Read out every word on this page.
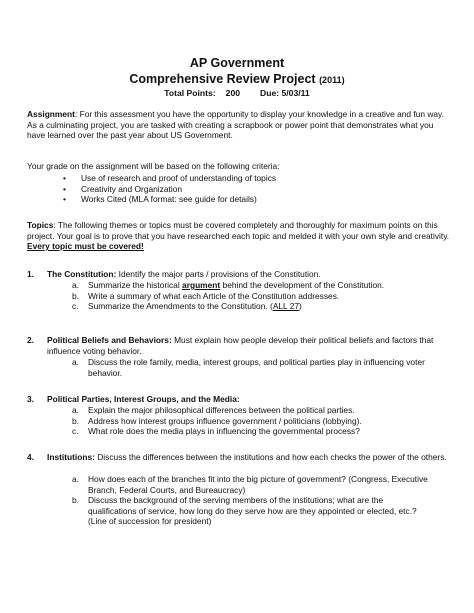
AP Government
Comprehensive Review Project (2011)
Total Points: 200 Due: 5/03/11

Assignment: For this assessment you have the opportunity to display your knowledge in a creative and fun way. As a culminating project, you are tasked with creating a scrapbook or power point that demonstrates what you have learned over the past year about US Government.

Your grade on the assignment will be based on the following criteria:
• Use of research and proof of understanding of topics
• Creativity and Organization
• Works Cited (MLA format: see guide for details)

Topics: The following themes or topics must be covered completely and thoroughly for maximum points on this project. Your goal is to prove that you have researched each topic and melded it with your own style and creativity. Every topic must be covered!

1.	The Constitution: Identify the major parts / provisions of the Constitution.
a. Summarize the historical argument behind the development of the Constitution.
b. Write a summary of what each Article of the Constitution addresses.
c. Summarize the Amendments to the Constitution. (ALL 27)
2.	Political Beliefs and Behaviors: Must explain how people develop their political beliefs and factors that influence voting behavior.
a. Discuss the role family, media, interest groups, and political parties play in influencing voter behavior.
3.	Political Parties, Interest Groups, and the Media:
a. Explain the major philosophical differences between the political parties.
b. Address how interest groups influence government / politicians (lobbying).
c. What role does the media plays in influencing the governmental process?
4.	Institutions: Discuss the differences between the institutions and how each checks the power of the others.
a. How does each of the branches fit into the big picture of government? (Congress, Executive Branch, Federal Courts, and Bureaucracy)
b. Discuss the background of the serving members of the institutions; what are the qualifications of service, how long do they serve how are they appointed or elected, etc.? (Line of succession for president)
